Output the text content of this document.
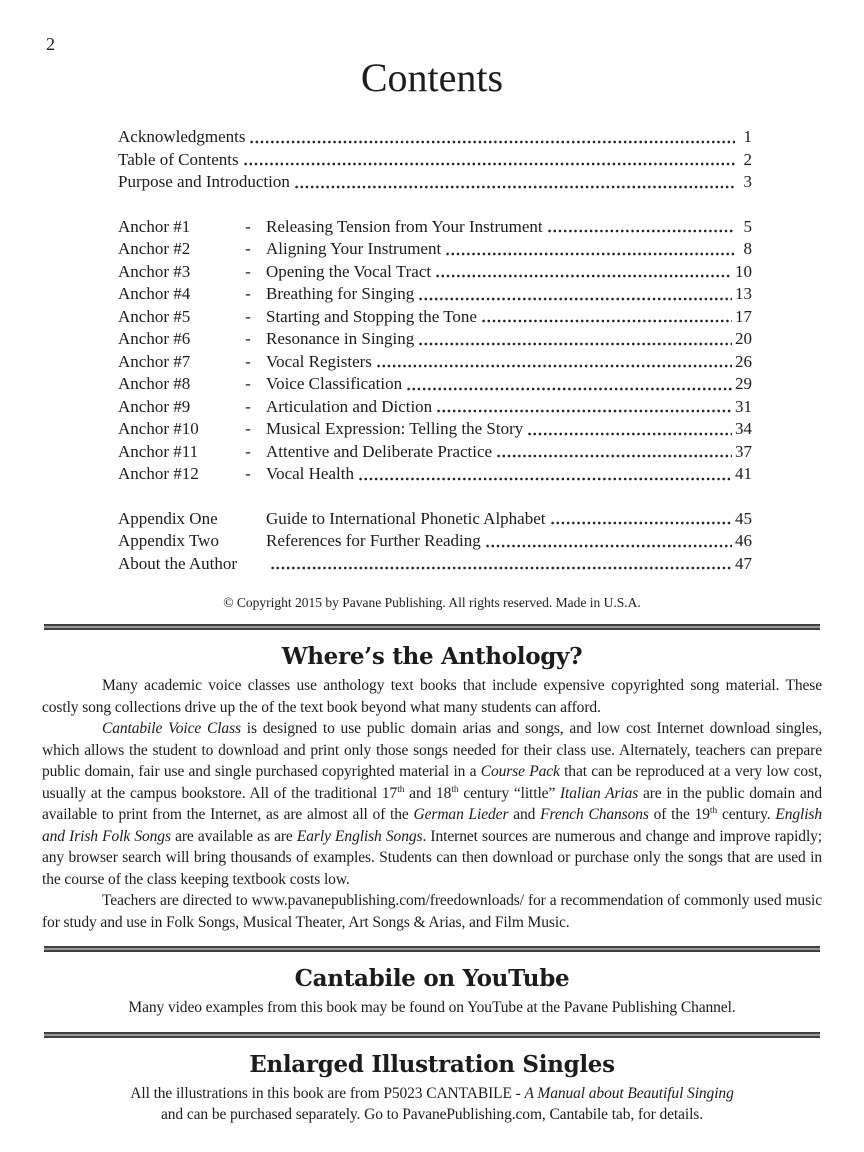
2
Contents
Acknowledgments	1
Table of Contents	2
Purpose and Introduction	3
Anchor #1	- Releasing Tension from Your Instrument	5
Anchor #2	- Aligning Your Instrument	8
Anchor #3	- Opening the Vocal Tract	10
Anchor #4	- Breathing for Singing	13
Anchor #5	- Starting and Stopping the Tone	17
Anchor #6	- Resonance in Singing	20
Anchor #7	- Vocal Registers	26
Anchor #8	- Voice Classification	29
Anchor #9	- Articulation and Diction	31
Anchor #10	- Musical Expression: Telling the Story	34
Anchor #11	- Attentive and Deliberate Practice	37
Anchor #12	- Vocal Health	41
Appendix One	Guide to International Phonetic Alphabet	45
Appendix Two	References for Further Reading	46
About the Author	47
© Copyright 2015 by Pavane Publishing. All rights reserved. Made in U.S.A.
Where’s the Anthology?

Many academic voice classes use anthology text books that include expensive copyrighted song material. These costly song collections drive up the of the text book beyond what many students can afford.

Cantabile Voice Class is designed to use public domain arias and songs, and low cost Internet download singles, which allows the student to download and print only those songs needed for their class use. Alternately, teachers can prepare public domain, fair use and single purchased copyrighted material in a Course Pack that can be reproduced at a very low cost, usually at the campus bookstore. All of the traditional 17th and 18th century “little” Italian Arias are in the public domain and available to print from the Internet, as are almost all of the German Lieder and French Chansons of the 19th century. English and Irish Folk Songs are available as are Early English Songs. Internet sources are numerous and change and improve rapidly; any browser search will bring thousands of examples. Students can then download or purchase only the songs that are used in the course of the class keeping textbook costs low.

Teachers are directed to www.pavanepublishing.com/freedownloads/ for a recommendation of commonly used music for study and use in Folk Songs, Musical Theater, Art Songs & Arias, and Film Music.

Cantabile on YouTube

Many video examples from this book may be found on YouTube at the Pavane Publishing Channel.

Enlarged Illustration Singles

All the illustrations in this book are from P5023 CANTABILE - A Manual about Beautiful Singing

and can be purchased separately. Go to PavanePublishing.com, Cantabile tab, for details.
